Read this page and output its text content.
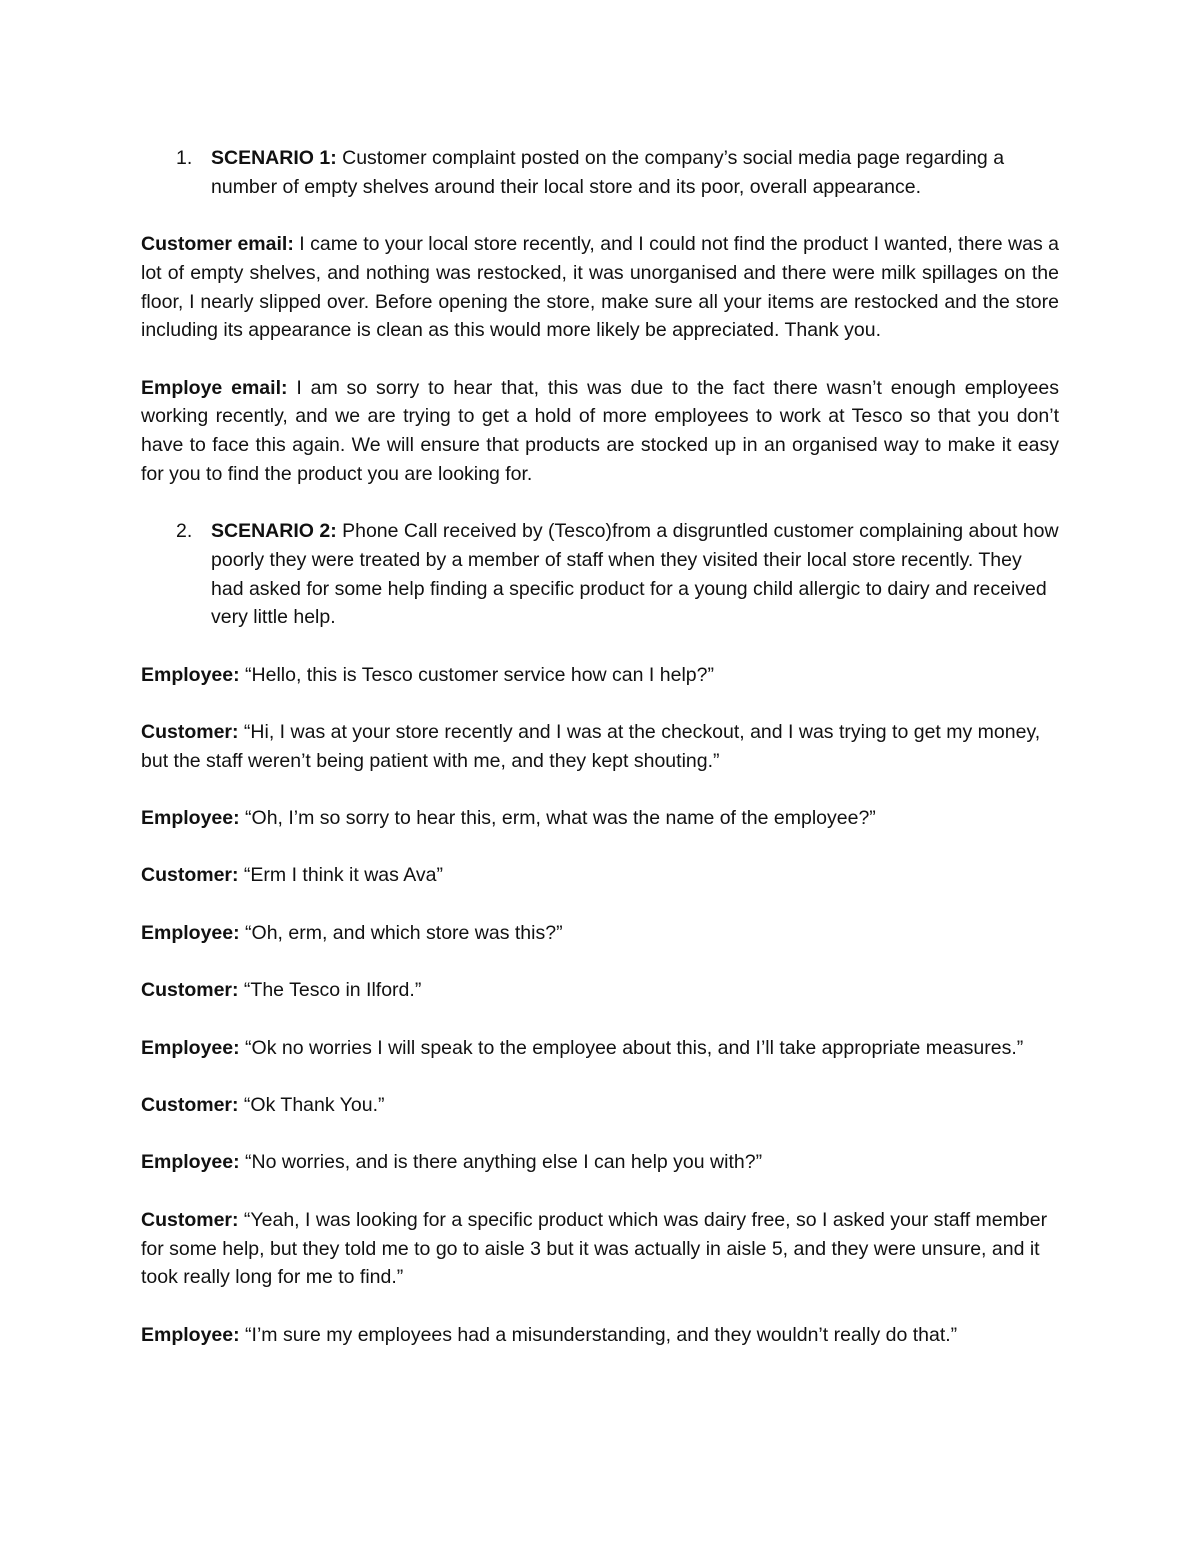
1. SCENARIO 1: Customer complaint posted on the company’s social media page regarding a number of empty shelves around their local store and its poor, overall appearance.

Customer email: I came to your local store recently, and I could not find the product I wanted, there was a lot of empty shelves, and nothing was restocked, it was unorganised and there were milk spillages on the floor, I nearly slipped over. Before opening the store, make sure all your items are restocked and the store including its appearance is clean as this would more likely be appreciated. Thank you.

Employe email: I am so sorry to hear that, this was due to the fact there wasn’t enough employees working recently, and we are trying to get a hold of more employees to work at Tesco so that you don’t have to face this again. We will ensure that products are stocked up in an organised way to make it easy for you to find the product you are looking for.

2. SCENARIO 2: Phone Call received by (Tesco)from a disgruntled customer complaining about how poorly they were treated by a member of staff when they visited their local store recently. They had asked for some help finding a specific product for a young child allergic to dairy and received very little help.

Employee: “Hello, this is Tesco customer service how can I help?”

Customer: “Hi, I was at your store recently and I was at the checkout, and I was trying to get my money, but the staff weren’t being patient with me, and they kept shouting.”

Employee: “Oh, I’m so sorry to hear this, erm, what was the name of the employee?”

Customer: “Erm I think it was Ava”

Employee: “Oh, erm, and which store was this?”

Customer: “The Tesco in Ilford.”

Employee: “Ok no worries I will speak to the employee about this, and I’ll take appropriate measures.”

Customer: “Ok Thank You.”

Employee: “No worries, and is there anything else I can help you with?”

Customer: “Yeah, I was looking for a specific product which was dairy free, so I asked your staff member for some help, but they told me to go to aisle 3 but it was actually in aisle 5, and they were unsure, and it took really long for me to find.”

Employee: “I’m sure my employees had a misunderstanding, and they wouldn’t really do that.”
